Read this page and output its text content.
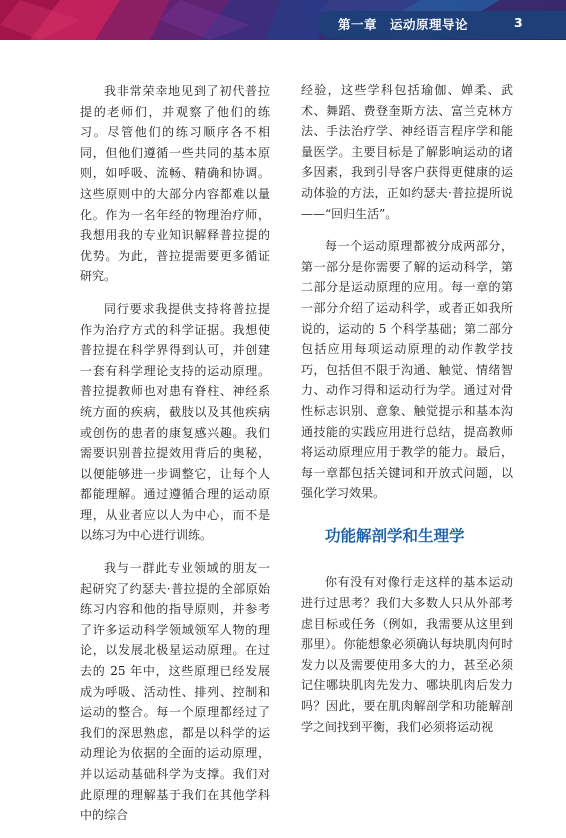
第一章　运动原理导论	3

我非常荣幸地见到了初代普拉提的老师们，并观察了他们的练习。尽管他们的练习顺序各不相同，但他们遵循一些共同的基本原则，如呼吸、流畅、精确和协调。这些原则中的大部分内容都难以量化。作为一名年经的物理治疗师，我想用我的专业知识解释普拉提的优势。为此，普拉提需要更多循证研究。

同行要求我提供支持将普拉提作为治疗方式的科学证据。我想使普拉提在科学界得到认可，并创建一套有科学理论支持的运动原理。普拉提教师也对患有脊柱、神经系统方面的疾病，截肢以及其他疾病或创伤的患者的康复感兴趣。我们需要识别普拉提效用背后的奥秘，以便能够进一步调整它，让每个人都能理解。通过遵循合理的运动原理，从业者应以人为中心，而不是以练习为中心进行训练。

我与一群此专业领域的朋友一起研究了约瑟夫·普拉提的全部原始练习内容和他的指导原则，并参考了许多运动科学领域领军人物的理论，以发展北极星运动原理。在过去的 25 年中，这些原理已经发展成为呼吸、活动性、排列、控制和运动的整合。每一个原理都经过了我们的深思熟虑，都是以科学的运动理论为依据的全面的运动原理，并以运动基础科学为支撑。我们对此原理的理解基于我们在其他学科中的综合

经验，这些学科包括瑜伽、婵柔、武术、舞蹈、费登奎斯方法、富兰克林方法、手法治疗学、神经语言程序学和能量医学。主要目标是了解影响运动的诸多因素，我到引导客户获得更健康的运动体验的方法，正如约瑟夫·普拉提所说——“回归生活”。

每一个运动原理都被分成两部分，第一部分是你需要了解的运动科学，第二部分是运动原理的应用。每一章的第一部分介绍了运动科学，或者正如我所说的，运动的 5 个科学基础；第二部分包括应用每项运动原理的动作教学技巧，包括但不限于沟通、触觉、情绪智力、动作习得和运动行为学。通过对骨性标志识别、意象、触觉提示和基本沟通技能的实践应用进行总结，提高教师将运动原理应用于教学的能力。最后，每一章都包括关键词和开放式问题，以强化学习效果。

功能解剖学和生理学

你有没有对像行走这样的基本运动进行过思考？我们大多数人只从外部考虑目标或任务（例如，我需要从这里到那里）。你能想象必须确认每块肌肉何时发力以及需要使用多大的力，甚至必须记住哪块肌肉先发力、哪块肌肉后发力吗？因此，要在肌肉解剖学和功能解剖学之间找到平衡，我们必须将运动视
